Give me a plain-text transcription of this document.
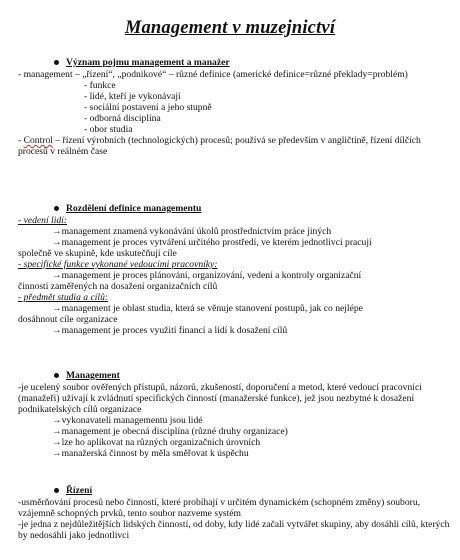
Management v muzejnictví
Význam pojmu management a manažer
- management – „řízení“, „podnikové“ – různé definice (americké definice=různé překlady=problém)
- funkce
- lidé, kteří je vykonávají
- sociální postavení a jeho stupně
- odborná disciplína
- obor studia
- Control – řízení výrobních (technologických) procesů; používá se především v angličtině, řízení dílčích procesů v reálném čase
Rozdělení definice managementu
- vedení lidí:
→management znamená vykonávání úkolů prostřednictvím práce jiných
→management je proces vytváření určitého prostředí, ve kterém jednotlivci pracují
společně ve skupině, kde uskutečňují cíle
- specifické funkce vykonané vedoucími pracovníky:
→management je proces plánování, organizování, vedení a kontroly organizační
činnosti zaměřených na dosažení organizačních cílů
- předmět studia a cílů:
→management je oblast studia, která se věnuje stanovení postupů, jak co nejlépe
dosáhnout cíle organizace
→management je proces využití financí a lidí k dosažení cílů
Management
-je ucelený soubor ověřených přístupů, názorů, zkušeností, doporučení a metod, které vedoucí pracovníci (manažeři) užívají k zvládnutí specifických činností (manažerské funkce), jež jsou nezbytné k dosažení podnikatelských cílů organizace
→vykonavateli managementu jsou lidé
→management je obecná disciplína (různé druhy organizace)
→lze ho aplikovat na různých organizačních úrovních
→manažerská činnost by měla směřovat k úspěchu
Řízení
-usměrňování procesů nebo činností, které probíhají v určitém dynamickém (schopném změny) souboru, vzájemně schopných prvků, tento soubor nazveme systém
-je jedna z nejdůležitějších lidských činností, od doby, kdy lidé začali vytvářet skupiny, aby dosáhli cílů, kterých by nedosáhli jako jednotlivci
